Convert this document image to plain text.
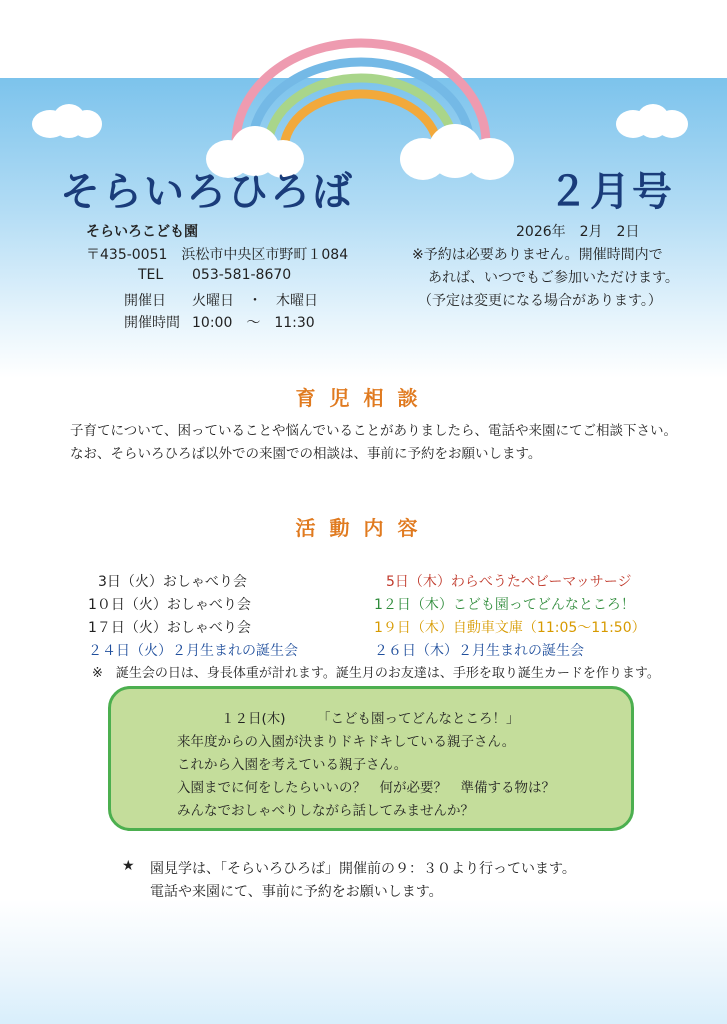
そらいろひろば	２月号
そらいろこども園
〒435-0051　浜松市中央区市野町１084
TEL 053-581-8670
開催日 火曜日　・　木曜日
開催時間 10:00　～　11:30
2026年　2月　2日
※予約は必要ありません。開催時間内で
あれば、いつでもご参加いただけます。
（予定は変更になる場合があります。）
育児相談
子育てについて、困っていることや悩んでいることがありましたら、電話や来園にてご相談下さい。
なお、そらいろひろば以外での来園での相談は、事前に予約をお願いします。
活動内容
3日（火）おしゃべり会
1０日（火）おしゃべり会
1７日（火）おしゃべり会
２４日（火）２月生まれの誕生会
5日（木）わらべうたベビーマッサージ
1２日（木）こども園ってどんなところ！
1９日（木）自動車文庫（11:05～11:50）
２６日（木）２月生まれの誕生会
※　誕生会の日は、身長体重が計れます。誕生月のお友達は、手形を取り誕生カードを作ります。
１２日(木) 「こども園ってどんなところ！」
来年度からの入園が決まりドキドキしている親子さん。
これから入園を考えている親子さん。
入園までに何をしたらいいの？　何が必要？　準備する物は？
みんなでおしゃべりしながら話してみませんか？
★ 園見学は、「そらいろひろば」開催前の９：３０より行っています。
電話や来園にて、事前に予約をお願いします。
